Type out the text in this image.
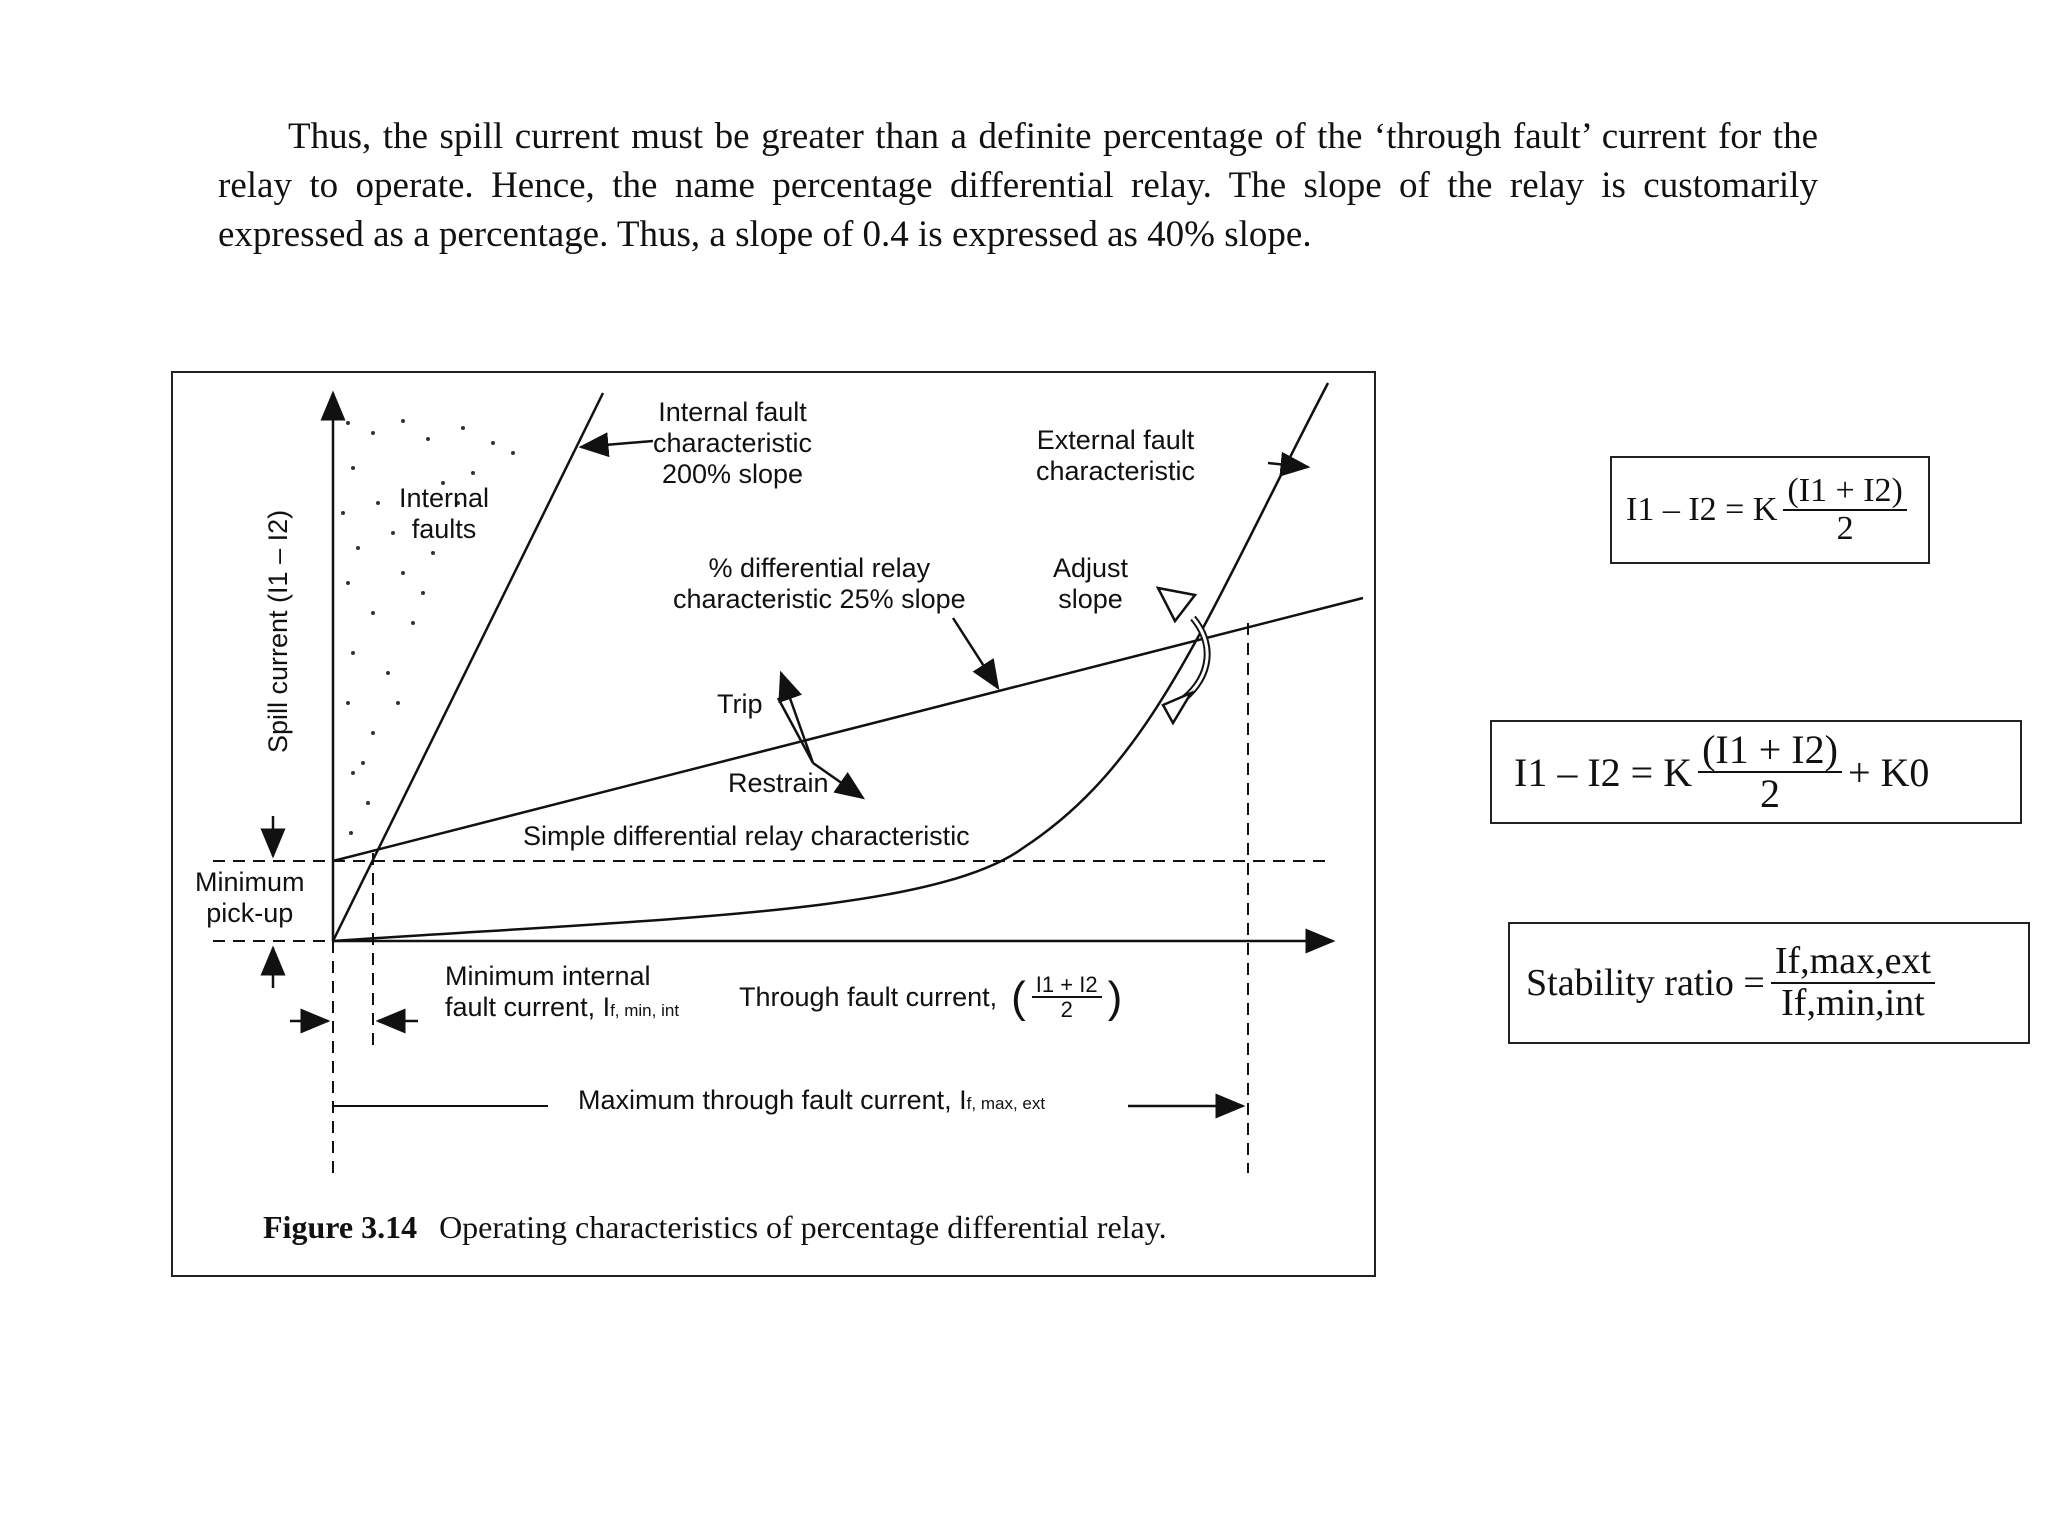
Thus, the spill current must be greater than a definite percentage of the ‘through fault’ current for the relay to operate. Hence, the name percentage differential relay. The slope of the relay is customarily expressed as a percentage. Thus, a slope of 0.4 is expressed as 40% slope.

Internal fault
characteristic
200% slope
Internal
faults
External fault
characteristic
% differential relay
characteristic 25% slope
Adjust
slope
Trip
Restrain
Simple differential relay characteristic
Minimum
pick-up
Spill current (I1 – I2)
Minimum internal
fault current, If, min, int Through fault current, ( $\frac{I1 + I2}{2}$ )
Maximum through fault current, If, max, ext
Figure 3.14 Operating characteristics of percentage differential relay.
I1 – I2 = K $\frac{(I1 + I2)}{2}$
I1 – I2 = K $\frac{(I1 + I2)}{2} + K0$
Stability ratio = $\frac{\text{If,max,ext}}{\text{If,min,int}}$
